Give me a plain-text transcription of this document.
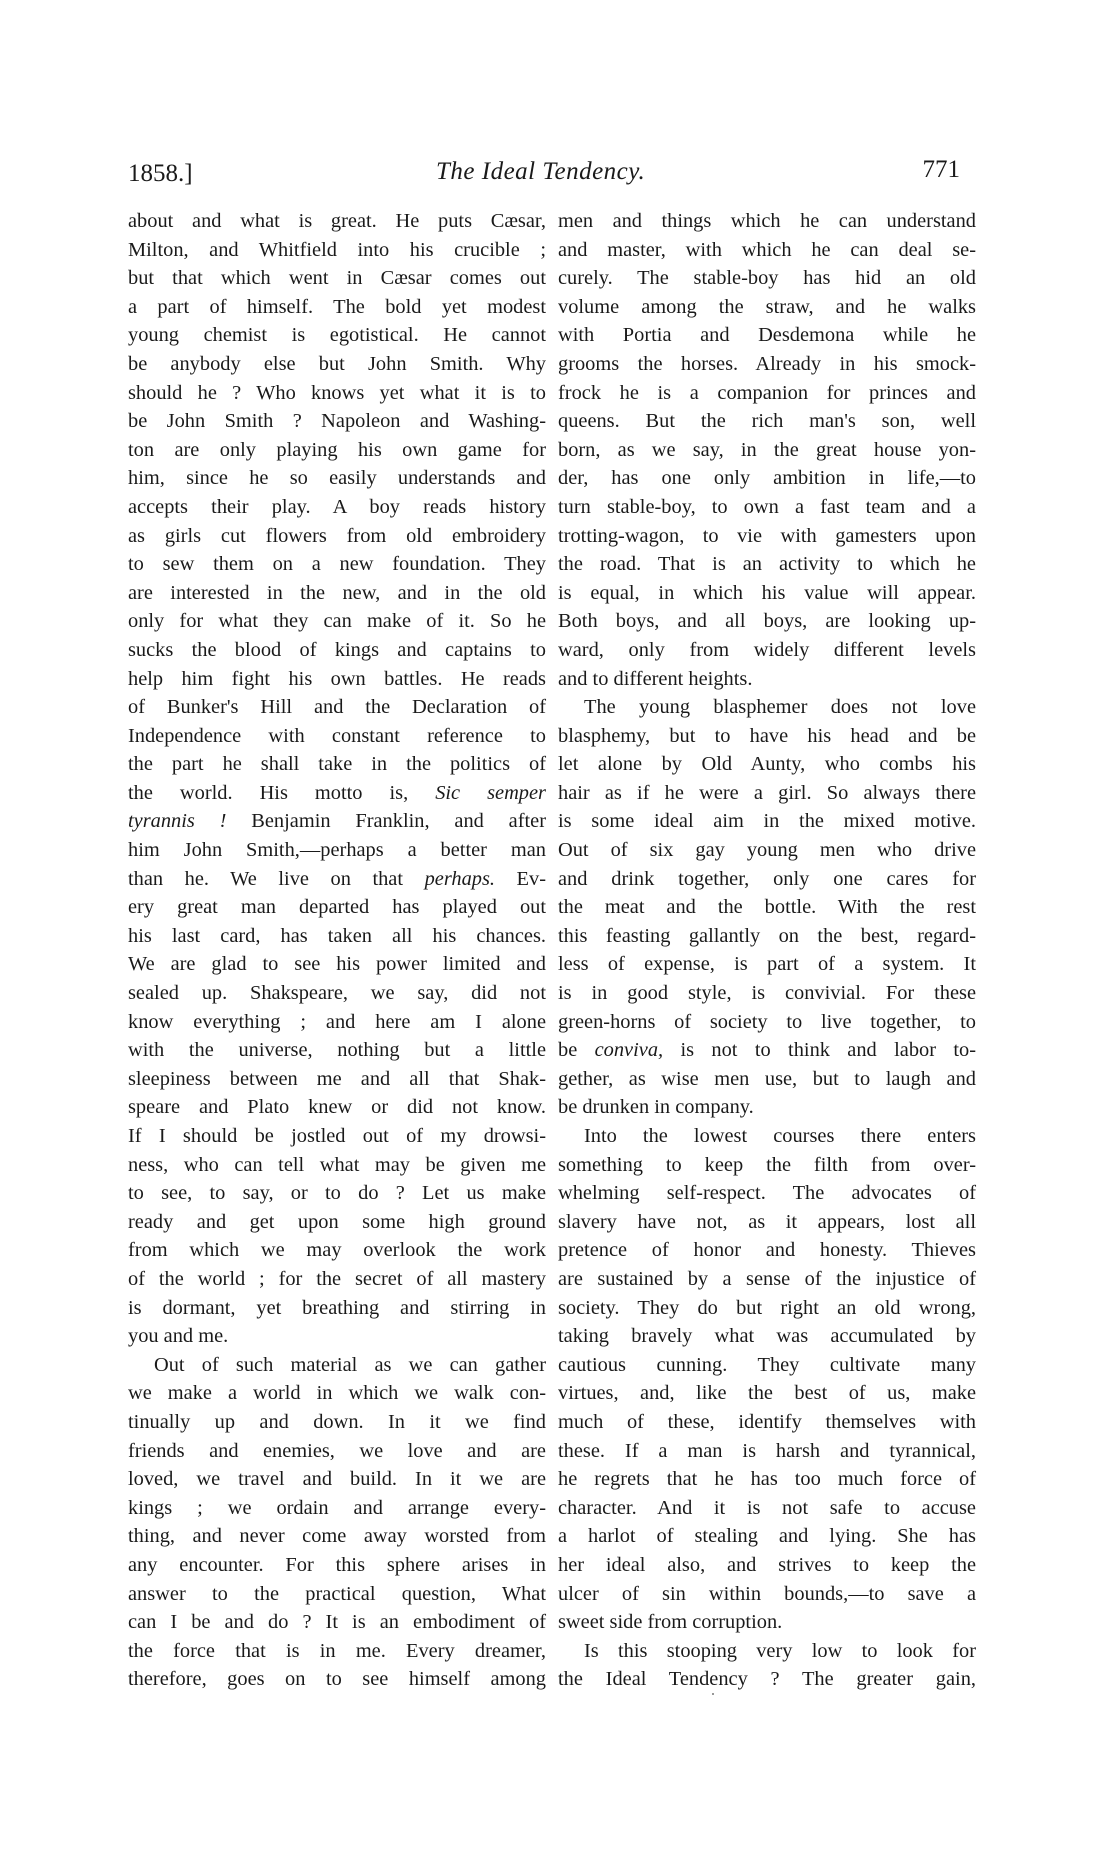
1858.]	The Ideal Tendency.	771
about and what is great. He puts Cæsar,
Milton, and Whitfield into his crucible ;
but that which went in Cæsar comes out
a part of himself. The bold yet modest
young chemist is egotistical. He cannot
be anybody else but John Smith. Why
should he ? Who knows yet what it is to
be John Smith ? Napoleon and Washing-
ton are only playing his own game for
him, since he so easily understands and
accepts their play. A boy reads history
as girls cut flowers from old embroidery
to sew them on a new foundation. They
are interested in the new, and in the old
only for what they can make of it. So he
sucks the blood of kings and captains to
help him fight his own battles. He reads
of Bunker's Hill and the Declaration of
Independence with constant reference to
the part he shall take in the politics of
the world. His motto is, Sic semper
tyrannis ! Benjamin Franklin, and after
him John Smith,—perhaps a better man
than he. We live on that perhaps. Ev-
ery great man departed has played out
his last card, has taken all his chances.
We are glad to see his power limited and
sealed up. Shakspeare, we say, did not
know everything ; and here am I alone
with the universe, nothing but a little
sleepiness between me and all that Shak-
speare and Plato knew or did not know.
If I should be jostled out of my drowsi-
ness, who can tell what may be given me
to see, to say, or to do ? Let us make
ready and get upon some high ground
from which we may overlook the work
of the world ; for the secret of all mastery
is dormant, yet breathing and stirring in
you and me.
Out of such material as we can gather
we make a world in which we walk con-
tinually up and down. In it we find
friends and enemies, we love and are
loved, we travel and build. In it we are
kings ; we ordain and arrange every-
thing, and never come away worsted from
any encounter. For this sphere arises in
answer to the practical question, What
can I be and do ? It is an embodiment of
the force that is in me. Every dreamer,
therefore, goes on to see himself among
men and things which he can understand
and master, with which he can deal se-
curely. The stable-boy has hid an old
volume among the straw, and he walks
with Portia and Desdemona while he
grooms the horses. Already in his smock-
frock he is a companion for princes and
queens. But the rich man's son, well
born, as we say, in the great house yon-
der, has one only ambition in life,—to
turn stable-boy, to own a fast team and a
trotting-wagon, to vie with gamesters upon
the road. That is an activity to which he
is equal, in which his value will appear.
Both boys, and all boys, are looking up-
ward, only from widely different levels
and to different heights.
The young blasphemer does not love
blasphemy, but to have his head and be
let alone by Old Aunty, who combs his
hair as if he were a girl. So always there
is some ideal aim in the mixed motive.
Out of six gay young men who drive
and drink together, only one cares for
the meat and the bottle. With the rest
this feasting gallantly on the best, regard-
less of expense, is part of a system. It
is in good style, is convivial. For these
green-horns of society to live together, to
be conviva, is not to think and labor to-
gether, as wise men use, but to laugh and
be drunken in company.
Into the lowest courses there enters
something to keep the filth from over-
whelming self-respect. The advocates of
slavery have not, as it appears, lost all
pretence of honor and honesty. Thieves
are sustained by a sense of the injustice of
society. They do but right an old wrong,
taking bravely what was accumulated by
cautious cunning. They cultivate many
virtues, and, like the best of us, make
much of these, identify themselves with
these. If a man is harsh and tyrannical,
he regrets that he has too much force of
character. And it is not safe to accuse
a harlot of stealing and lying. She has
her ideal also, and strives to keep the
ulcer of sin within bounds,—to save a
sweet side from corruption.
Is this stooping very low to look for
the Ideal Tendency ? The greater gain,
